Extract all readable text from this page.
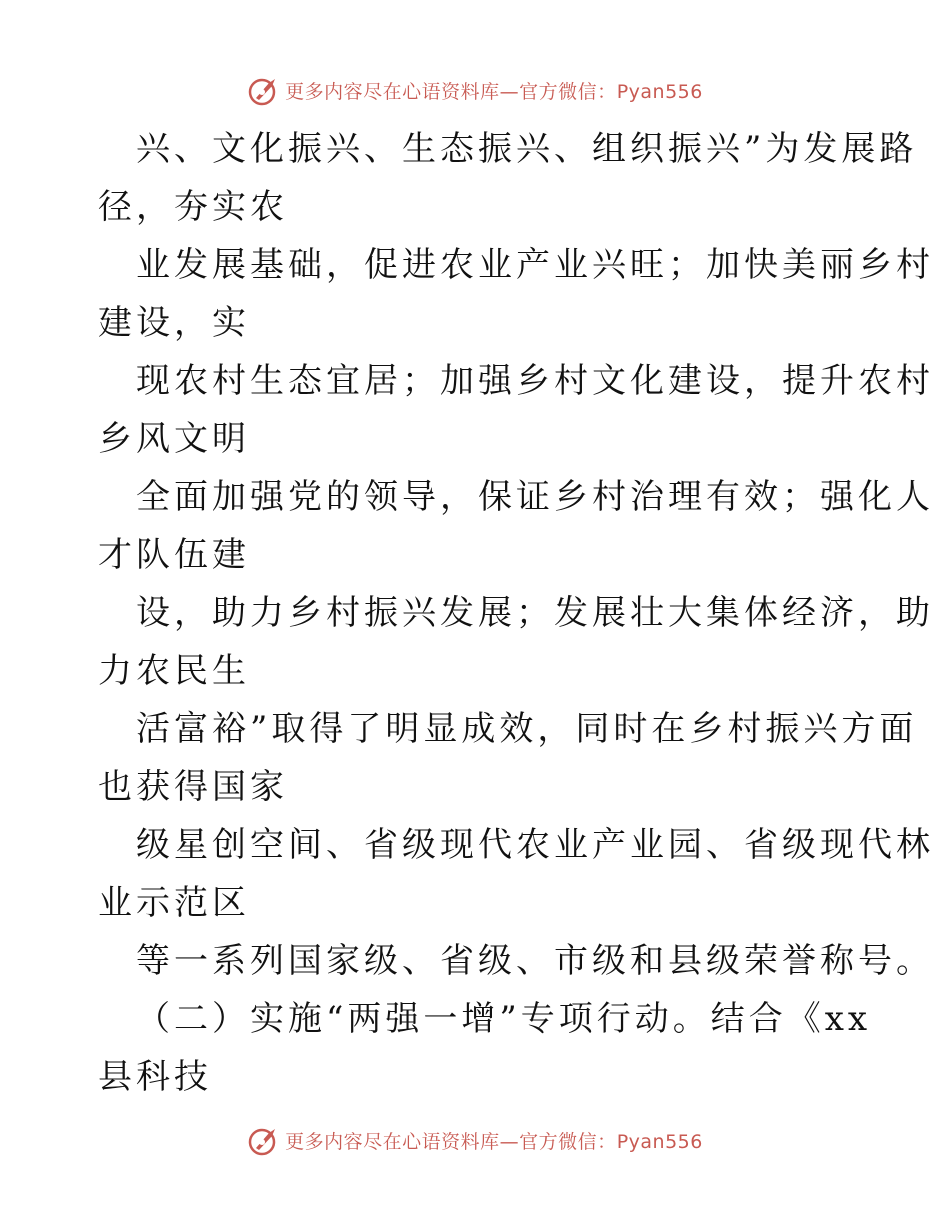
更多内容尽在心语资料库—官方微信：Pyan556
兴、文化振兴、生态振兴、组织振兴”为发展路
径，夯实农
业发展基础，促进农业产业兴旺；加快美丽乡村
建设，实
现农村生态宜居；加强乡村文化建设，提升农村
乡风文明
全面加强党的领导，保证乡村治理有效；强化人
才队伍建
设，助力乡村振兴发展；发展壮大集体经济，助
力农民生
活富裕”取得了明显成效，同时在乡村振兴方面
也获得国家
级星创空间、省级现代农业产业园、省级现代林
业示范区
等一系列国家级、省级、市级和县级荣誉称号。
（二）实施“两强一增”专项行动。结合《xx
县科技
更多内容尽在心语资料库—官方微信：Pyan556
